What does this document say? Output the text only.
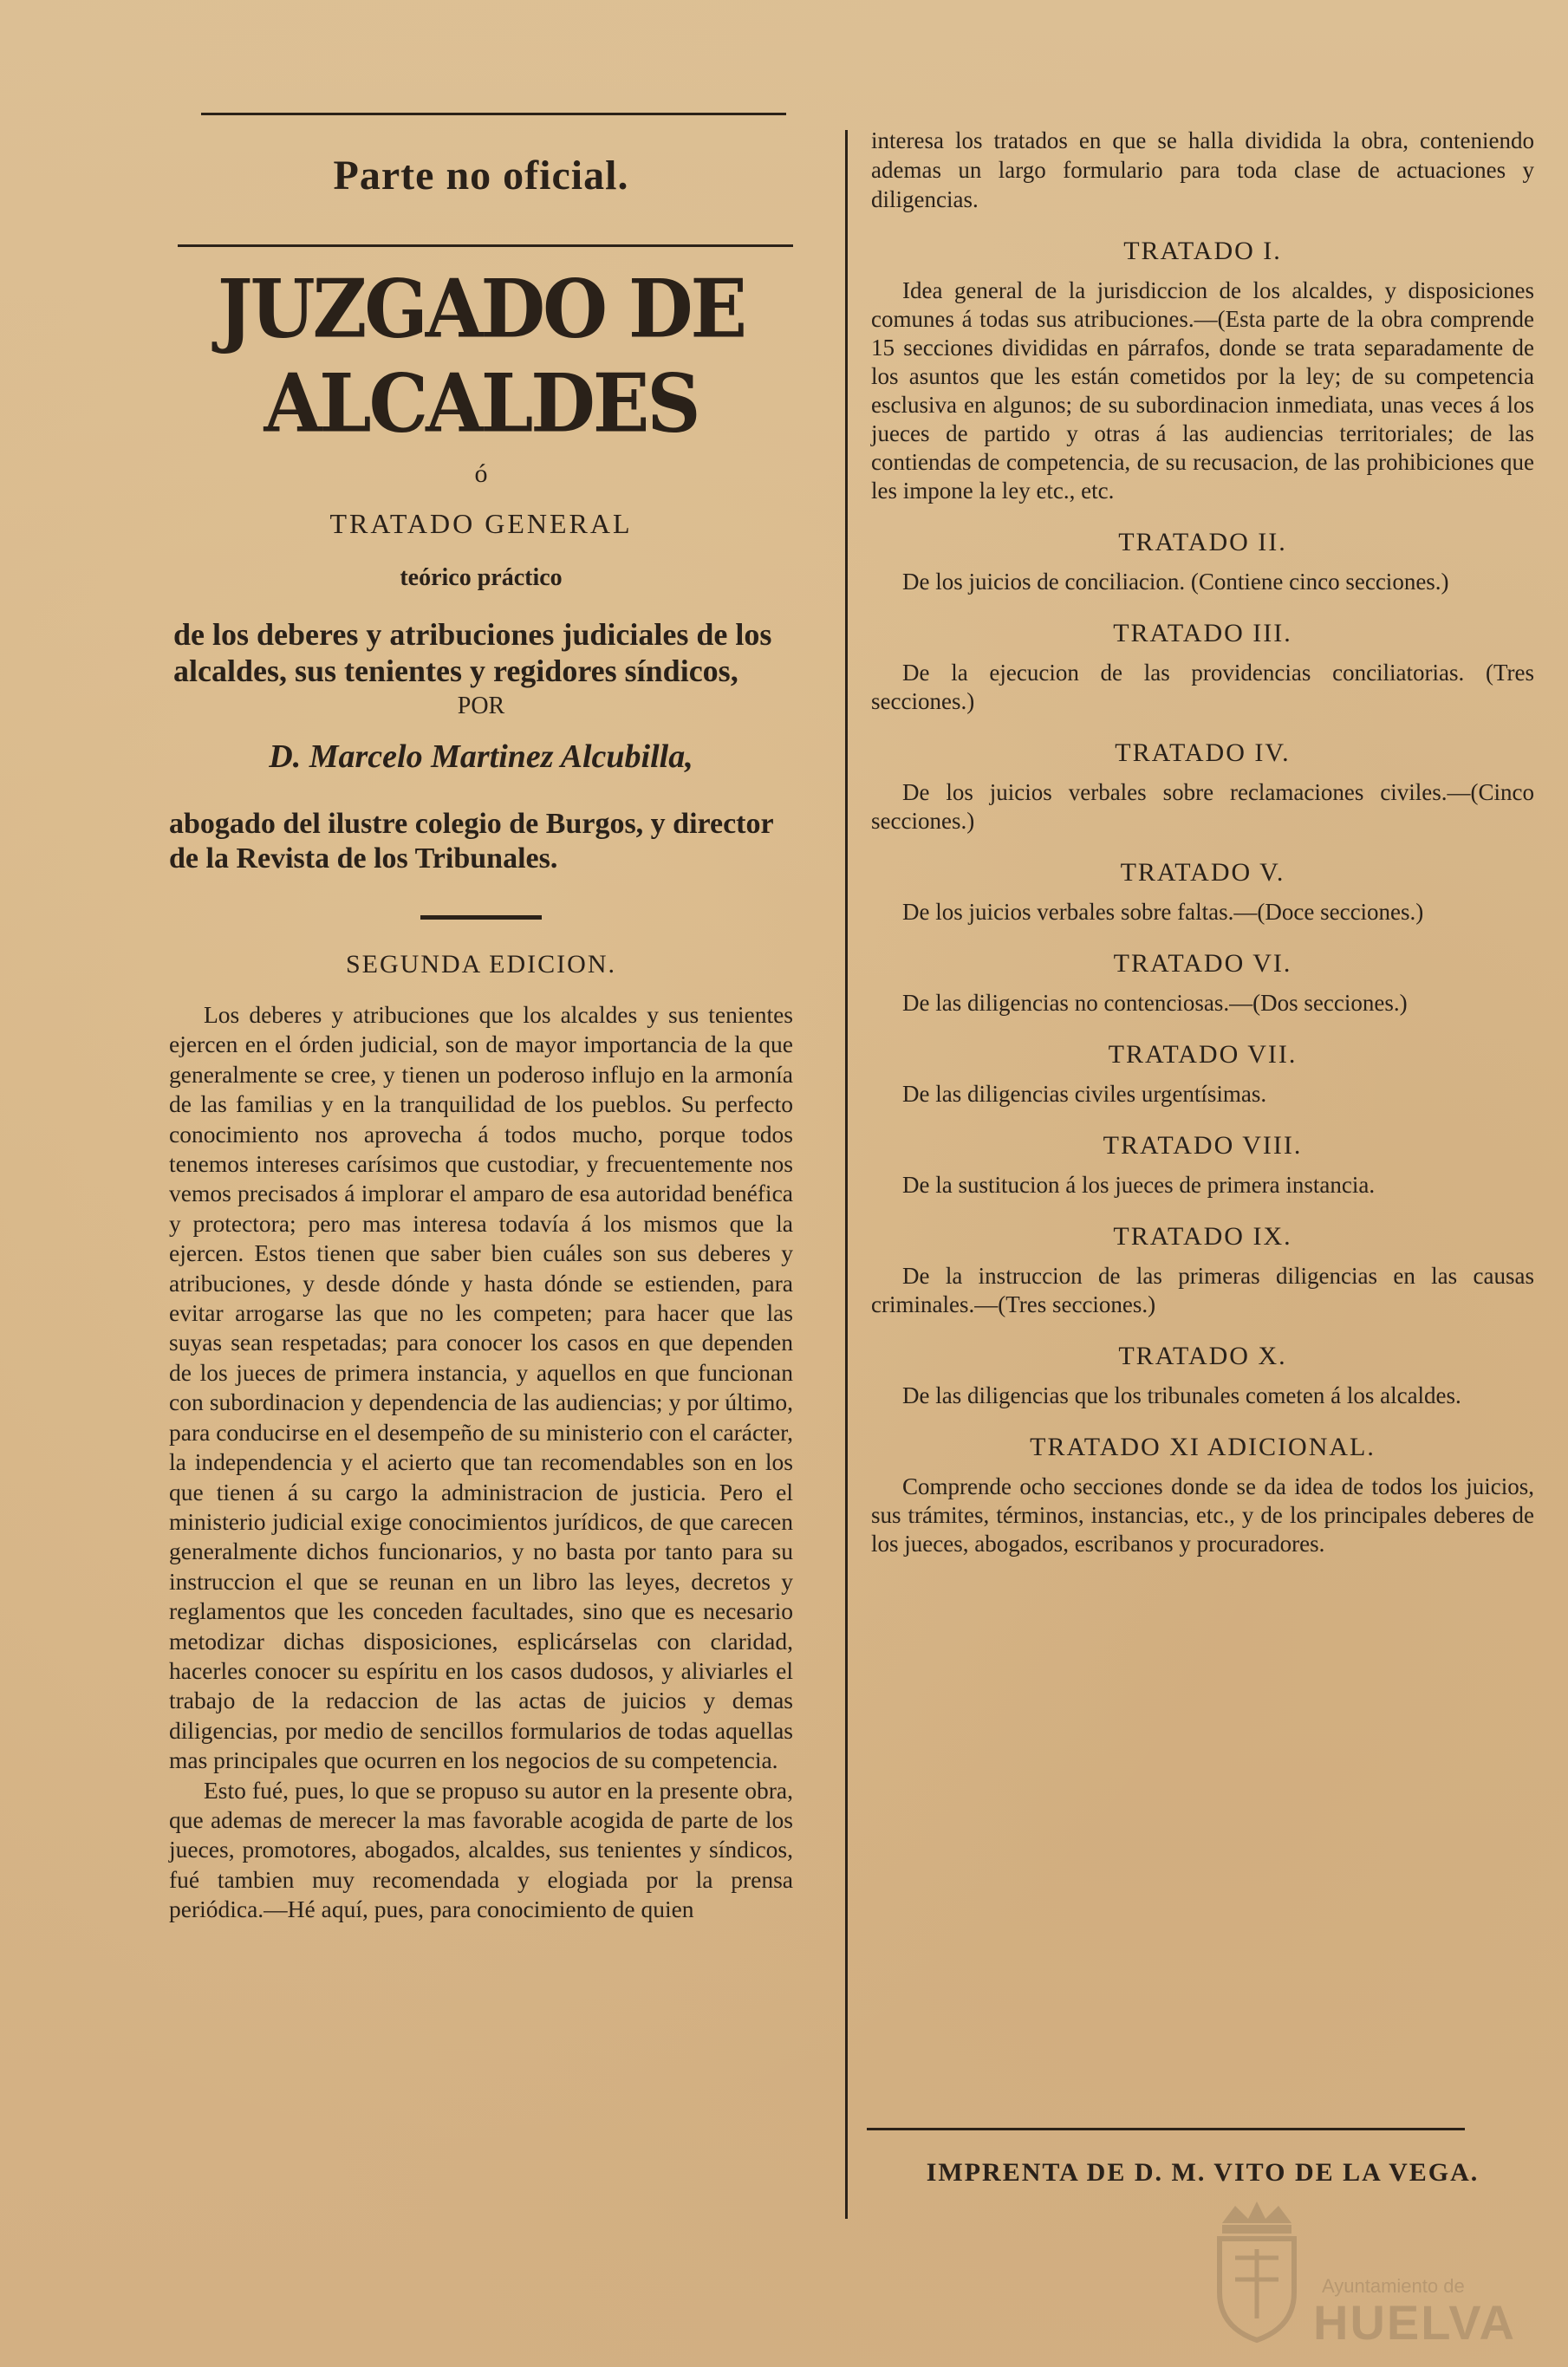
Parte no oficial.
JUZGADO DE ALCALDES
ó
TRATADO GENERAL
teórico práctico
de los deberes y atribuciones judiciales de los alcaldes, sus tenientes y regidores síndicos,
POR
D. Marcelo Martinez Alcubilla,
abogado del ilustre colegio de Burgos, y director de la Revista de los Tribunales.
SEGUNDA EDICION.

Los deberes y atribuciones que los alcaldes y sus tenientes ejercen en el órden judicial, son de mayor importancia de la que generalmente se cree, y tienen un poderoso influjo en la armonía de las familias y en la tranquilidad de los pueblos. Su perfecto conocimiento nos aprovecha á todos mucho, porque todos tenemos intereses carísimos que custodiar, y frecuentemente nos vemos precisados á implorar el amparo de esa autoridad benéfica y protectora; pero mas interesa todavía á los mismos que la ejercen. Estos tienen que saber bien cuáles son sus deberes y atribuciones, y desde dónde y hasta dónde se estienden, para evitar arrogarse las que no les competen; para hacer que las suyas sean respetadas; para conocer los casos en que dependen de los jueces de primera instancia, y aquellos en que funcionan con subordinacion y dependencia de las audiencias; y por último, para conducirse en el desempeño de su ministerio con el carácter, la independencia y el acierto que tan recomendables son en los que tienen á su cargo la administracion de justicia. Pero el ministerio judicial exige conocimientos jurídicos, de que carecen generalmente dichos funcionarios, y no basta por tanto para su instruccion el que se reunan en un libro las leyes, decretos y reglamentos que les conceden facultades, sino que es necesario metodizar dichas disposiciones, esplicárselas con claridad, hacerles conocer su espíritu en los casos dudosos, y aliviarles el trabajo de la redaccion de las actas de juicios y demas diligencias, por medio de sencillos formularios de todas aquellas mas principales que ocurren en los negocios de su competencia.

Esto fué, pues, lo que se propuso su autor en la presente obra, que ademas de merecer la mas favorable acogida de parte de los jueces, promotores, abogados, alcaldes, sus tenientes y síndicos, fué tambien muy recomendada y elogiada por la prensa periódica.—Hé aquí, pues, para conocimiento de quien

interesa los tratados en que se halla dividida la obra, conteniendo ademas un largo formulario para toda clase de actuaciones y diligencias.
TRATADO I.
Idea general de la jurisdiccion de los alcaldes, y disposiciones comunes á todas sus atribuciones.—(Esta parte de la obra comprende 15 secciones divididas en párrafos, donde se trata separadamente de los asuntos que les están cometidos por la ley; de su competencia esclusiva en algunos; de su subordinacion inmediata, unas veces á los jueces de partido y otras á las audiencias territoriales; de las contiendas de competencia, de su recusacion, de las prohibiciones que les impone la ley etc., etc.
TRATADO II.
De los juicios de conciliacion. (Contiene cinco secciones.)
TRATADO III.
De la ejecucion de las providencias conciliatorias. (Tres secciones.)
TRATADO IV.
De los juicios verbales sobre reclamaciones civiles.—(Cinco secciones.)
TRATADO V.
De los juicios verbales sobre faltas.—(Doce secciones.)
TRATADO VI.
De las diligencias no contenciosas.—(Dos secciones.)
TRATADO VII.
De las diligencias civiles urgentísimas.
TRATADO VIII.
De la sustitucion á los jueces de primera instancia.
TRATADO IX.
De la instruccion de las primeras diligencias en las causas criminales.—(Tres secciones.)
TRATADO X.
De las diligencias que los tribunales cometen á los alcaldes.
TRATADO XI ADICIONAL.
Comprende ocho secciones donde se da idea de todos los juicios, sus trámites, términos, instancias, etc., y de los principales deberes de los jueces, abogados, escribanos y procuradores.
IMPRENTA DE D. M. VITO DE LA VEGA.
Ayuntamiento de
HUELVA
